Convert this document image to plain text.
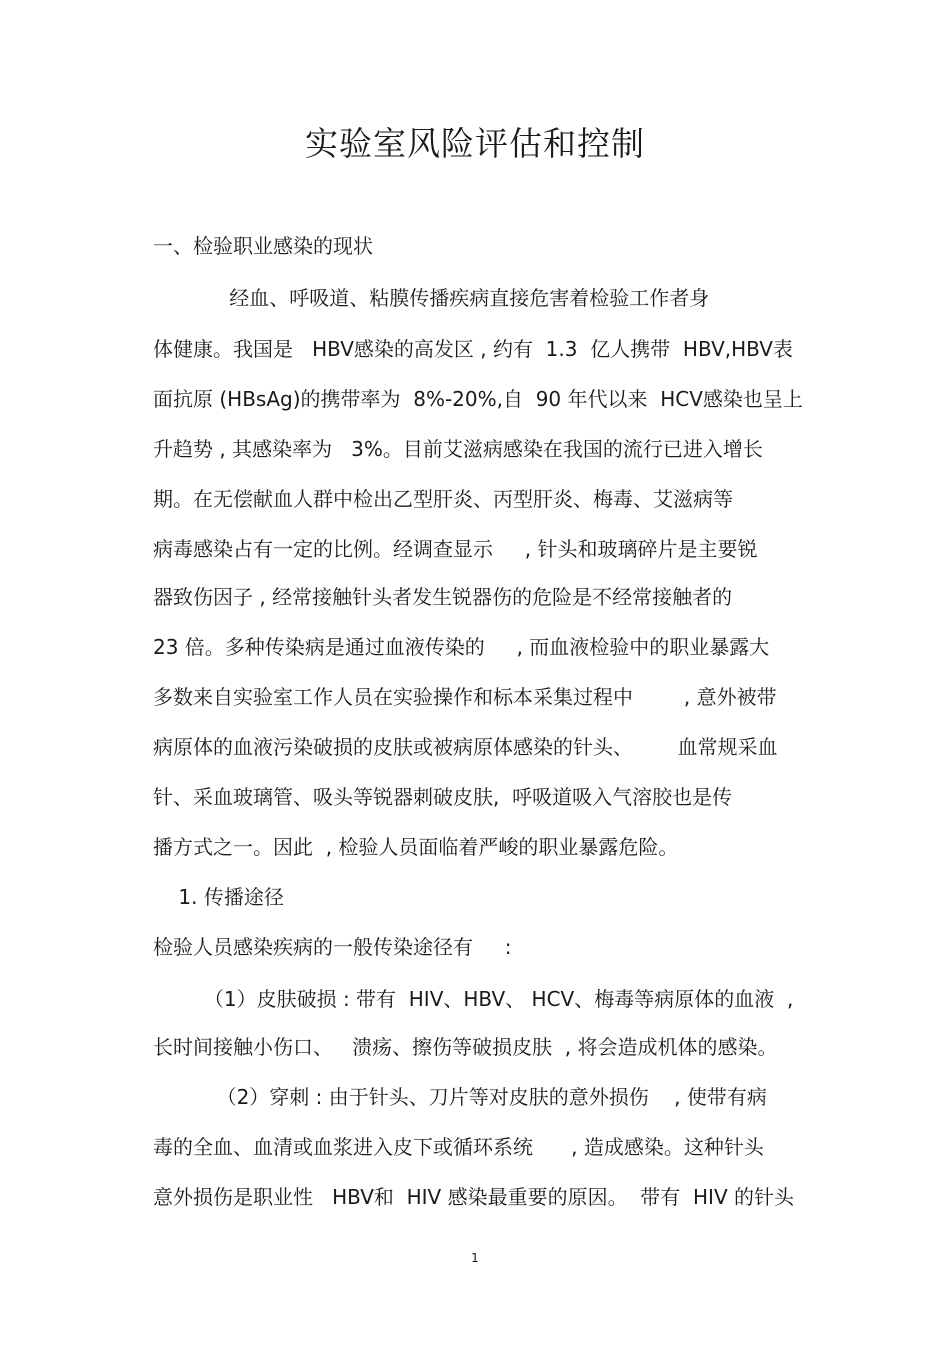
实验室风险评估和控制
一、检验职业感染的现状
经血、呼吸道、粘膜传播疾病直接危害着检验工作者身
体健康。我国是   HBV感染的高发区 , 约有  1.3  亿人携带  HBV,HBV表
面抗原 (HBsAg)的携带率为  8%-20%,自  90 年代以来  HCV感染也呈上
升趋势 , 其感染率为   3%。目前艾滋病感染在我国的流行已进入增长
期。在无偿献血人群中检出乙型肝炎、丙型肝炎、梅毒、艾滋病等
病毒感染占有一定的比例。经调查显示     , 针头和玻璃碎片是主要锐
器致伤因子 , 经常接触针头者发生锐器伤的危险是不经常接触者的
23 倍。多种传染病是通过血液传染的     , 而血液检验中的职业暴露大
多数来自实验室工作人员在实验操作和标本采集过程中        , 意外被带
病原体的血液污染破损的皮肤或被病原体感染的针头、       血常规采血
针、采血玻璃管、吸头等锐器刺破皮肤,  呼吸道吸入气溶胶也是传
播方式之一。因此  , 检验人员面临着严峻的职业暴露危险。
1. 传播途径
检验人员感染疾病的一般传染途径有     :
（1）皮肤破损 : 带有  HIV、HBV、 HCV、梅毒等病原体的血液  ,
长时间接触小伤口、   溃疡、擦伤等破损皮肤  , 将会造成机体的感染。
（2）穿刺 : 由于针头、刀片等对皮肤的意外损伤    , 使带有病
毒的全血、血清或血浆进入皮下或循环系统      , 造成感染。这种针头
意外损伤是职业性   HBV和  HIV 感染最重要的原因。  带有  HIV 的针头
1
